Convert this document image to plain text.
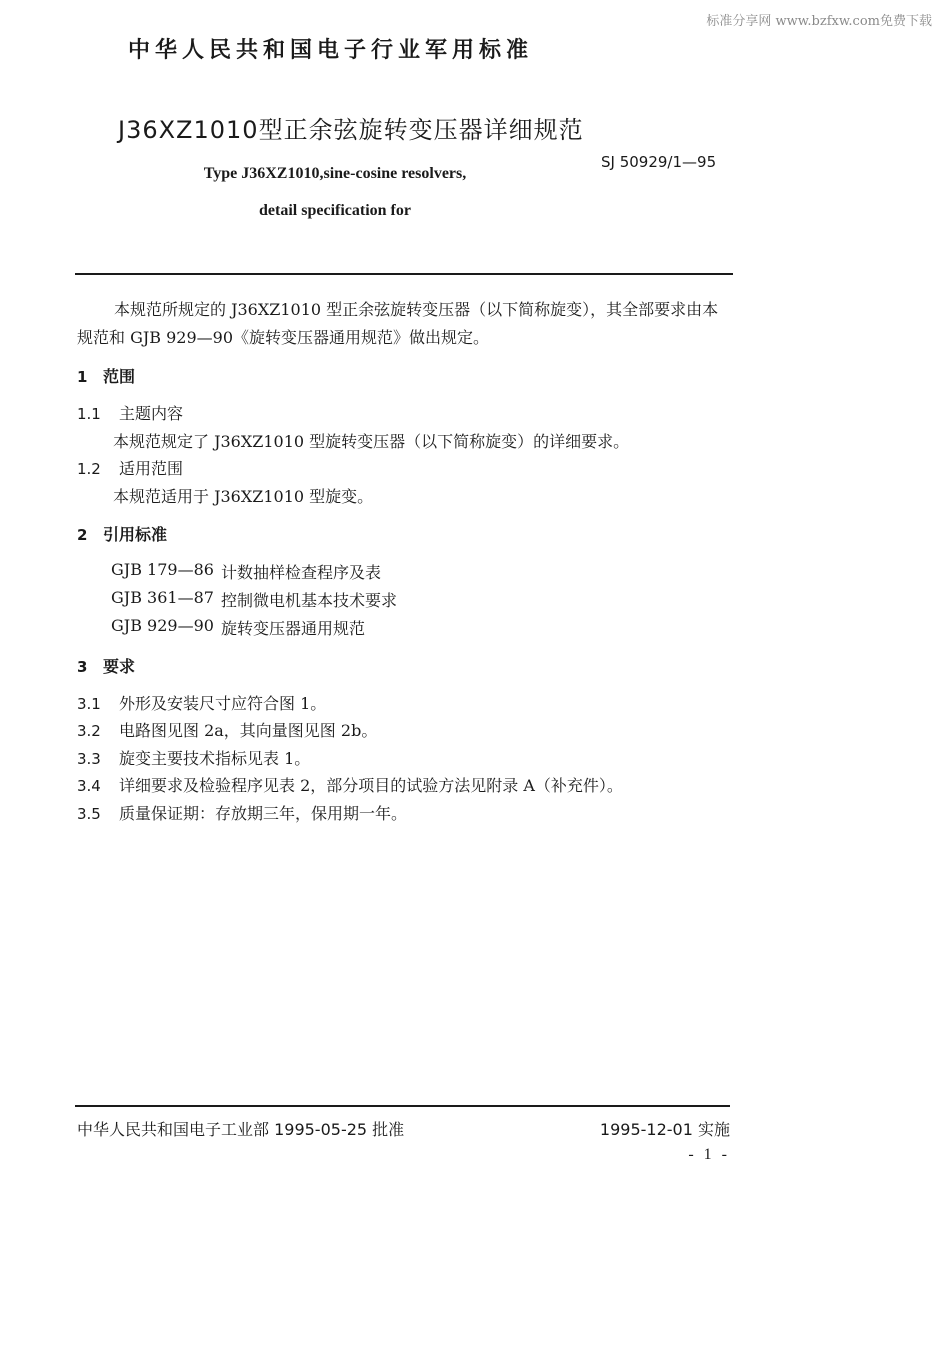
标准分享网 www.bzfxw.com免费下载
中华人民共和国电子行业军用标准
J36XZ1010型正余弦旋转变压器详细规范
SJ 50929/1—95
Type J36XZ1010,sine-cosine resolvers,
detail specification for
本规范所规定的 J36XZ1010 型正余弦旋转变压器（以下简称旋变），其全部要求由本
规范和 GJB 929—90《旋转变压器通用规范》做出规定。
1 范围
1.1 主题内容
本规范规定了 J36XZ1010 型旋转变压器（以下简称旋变）的详细要求。
1.2 适用范围
本规范适用于 J36XZ1010 型旋变。
2 引用标准
GJB 179—86 计数抽样检查程序及表
GJB 361—87 控制微电机基本技术要求
GJB 929—90 旋转变压器通用规范
3 要求
3.1 外形及安装尺寸应符合图 1。
3.2 电路图见图 2a，其向量图见图 2b。
3.3 旋变主要技术指标见表 1。
3.4 详细要求及检验程序见表 2，部分项目的试验方法见附录 A（补充件）。
3.5 质量保证期：存放期三年，保用期一年。
中华人民共和国电子工业部 1995-05-25 批准	1995-12-01 实施
- 1 -
